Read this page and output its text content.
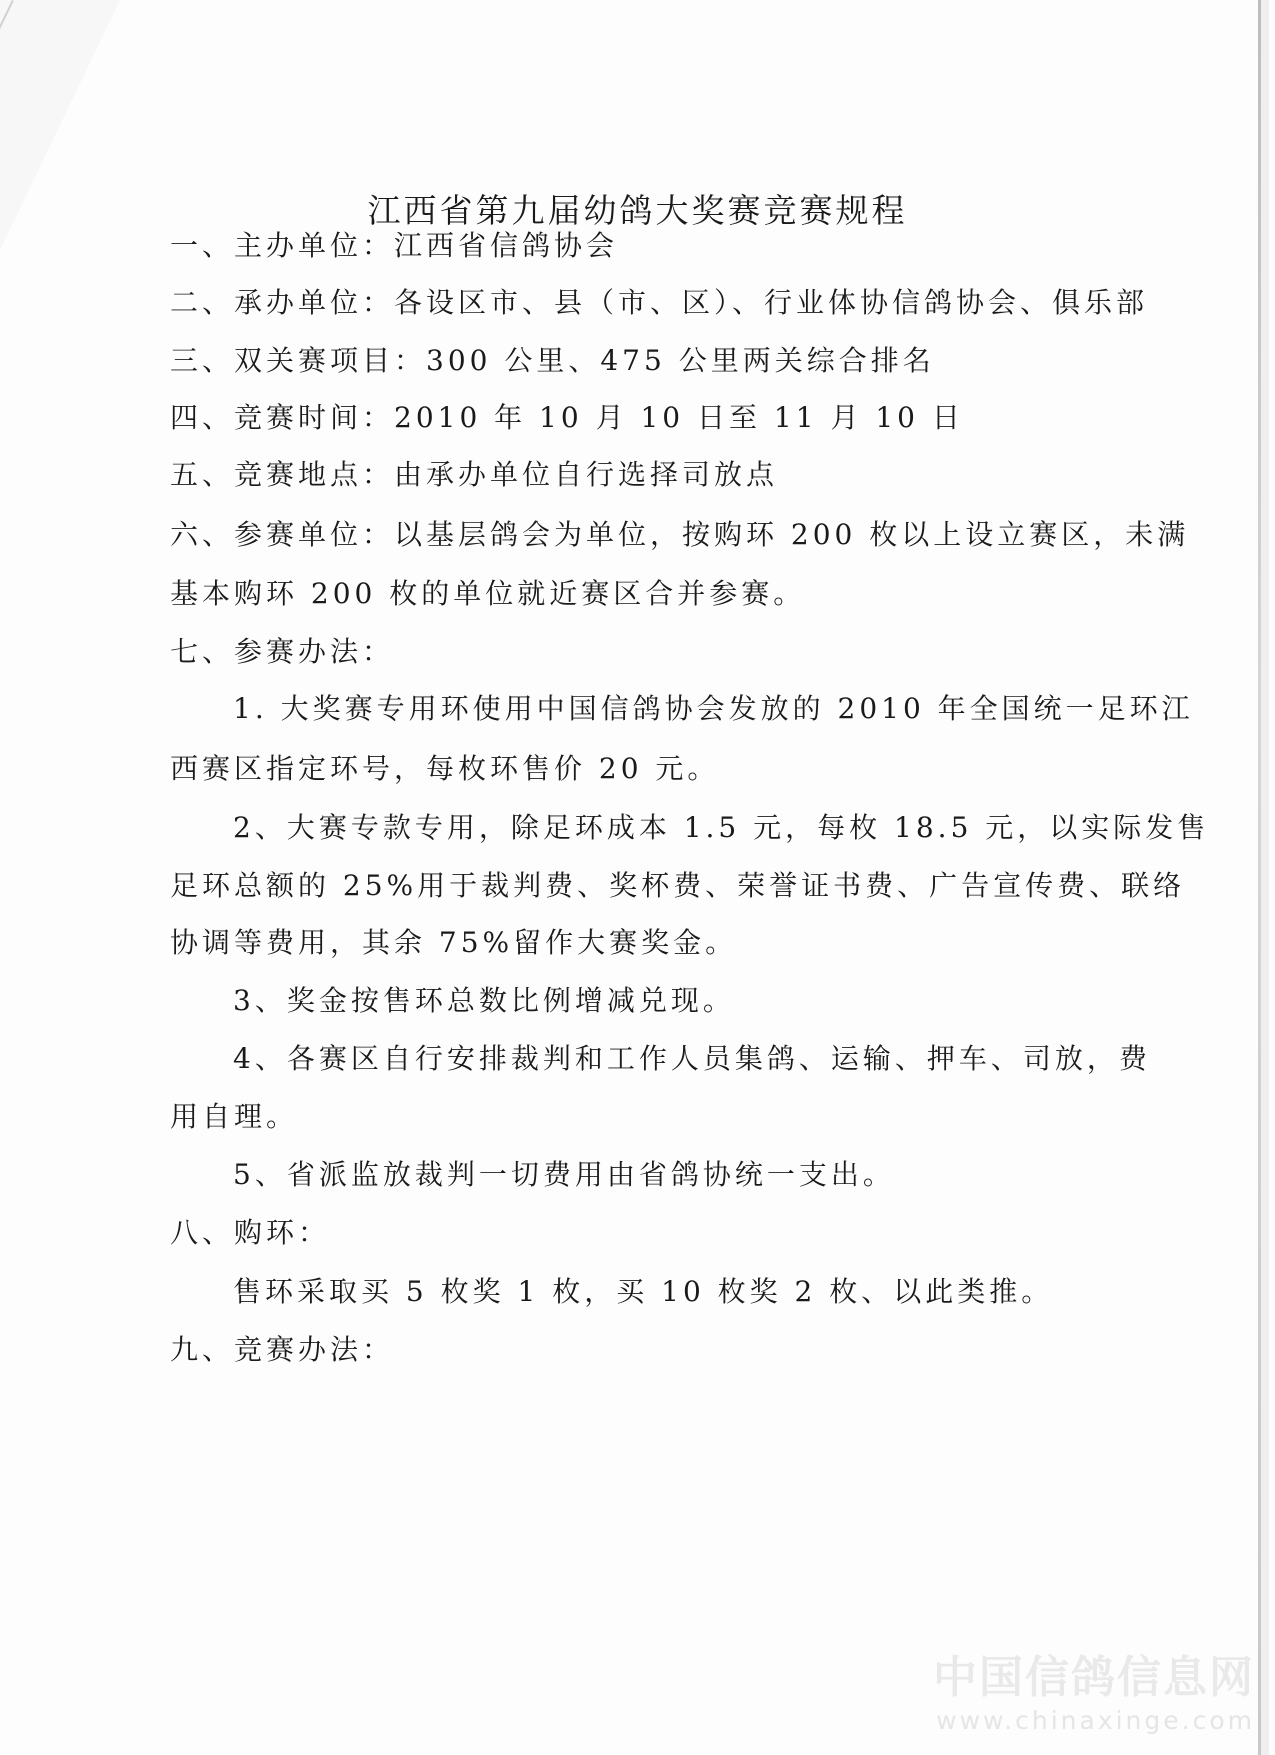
江西省第九届幼鸽大奖赛竞赛规程
一、主办单位：江西省信鸽协会
二、承办单位：各设区市、县（市、区）、行业体协信鸽协会、俱乐部
三、双关赛项目：300 公里、475 公里两关综合排名
四、竞赛时间：2010 年 10 月 10 日至 11 月 10 日
五、竞赛地点：由承办单位自行选择司放点
六、参赛单位：以基层鸽会为单位，按购环 200 枚以上设立赛区，未满
基本购环 200 枚的单位就近赛区合并参赛。
七、参赛办法：
1. 大奖赛专用环使用中国信鸽协会发放的 2010 年全国统一足环江
西赛区指定环号，每枚环售价 20 元。
2、大赛专款专用，除足环成本 1.5 元，每枚 18.5 元，以实际发售
足环总额的 25%用于裁判费、奖杯费、荣誉证书费、广告宣传费、联络
协调等费用，其余 75%留作大赛奖金。
3、奖金按售环总数比例增减兑现。
4、各赛区自行安排裁判和工作人员集鸽、运输、押车、司放，费
用自理。
5、省派监放裁判一切费用由省鸽协统一支出。
八、购环：
售环采取买 5 枚奖 1 枚，买 10 枚奖 2 枚、以此类推。
九、竞赛办法：
中国信鸽信息网
www.chinaxinge.com
